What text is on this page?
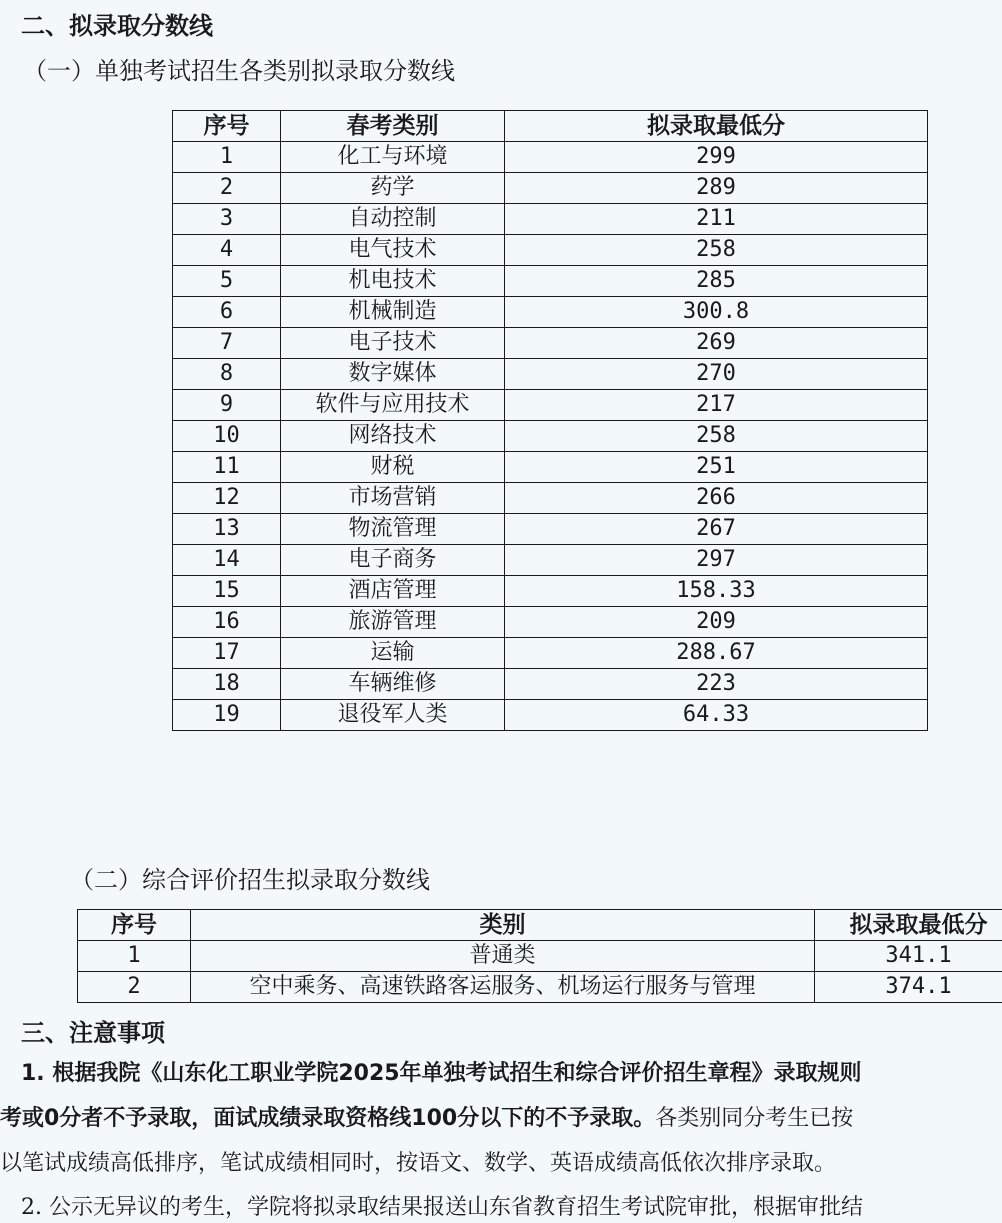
二、拟录取分数线
（一）单独考试招生各类别拟录取分数线
序号	春考类别	拟录取最低分
1	化工与环境	299
2	药学	289
3	自动控制	211
4	电气技术	258
5	机电技术	285
6	机械制造	300.8
7	电子技术	269
8	数字媒体	270
9	软件与应用技术	217
10	网络技术	258
11	财税	251
12	市场营销	266
13	物流管理	267
14	电子商务	297
15	酒店管理	158.33
16	旅游管理	209
17	运输	288.67
18	车辆维修	223
19	退役军人类	64.33
（二）综合评价招生拟录取分数线
序号	类别	拟录取最低分
1	普通类	341.1
2	空中乘务、高速铁路客运服务、机场运行服务与管理	374.1
三、注意事项
1. 根据我院《山东化工职业学院2025年单独考试招生和综合评价招生章程》录取规则
考或0分者不予录取，面试成绩录取资格线100分以下的不予录取。各类别同分考生已按
以笔试成绩高低排序，笔试成绩相同时，按语文、数学、英语成绩高低依次排序录取。
2. 公示无异议的考生，学院将拟录取结果报送山东省教育招生考试院审批，根据审批结
